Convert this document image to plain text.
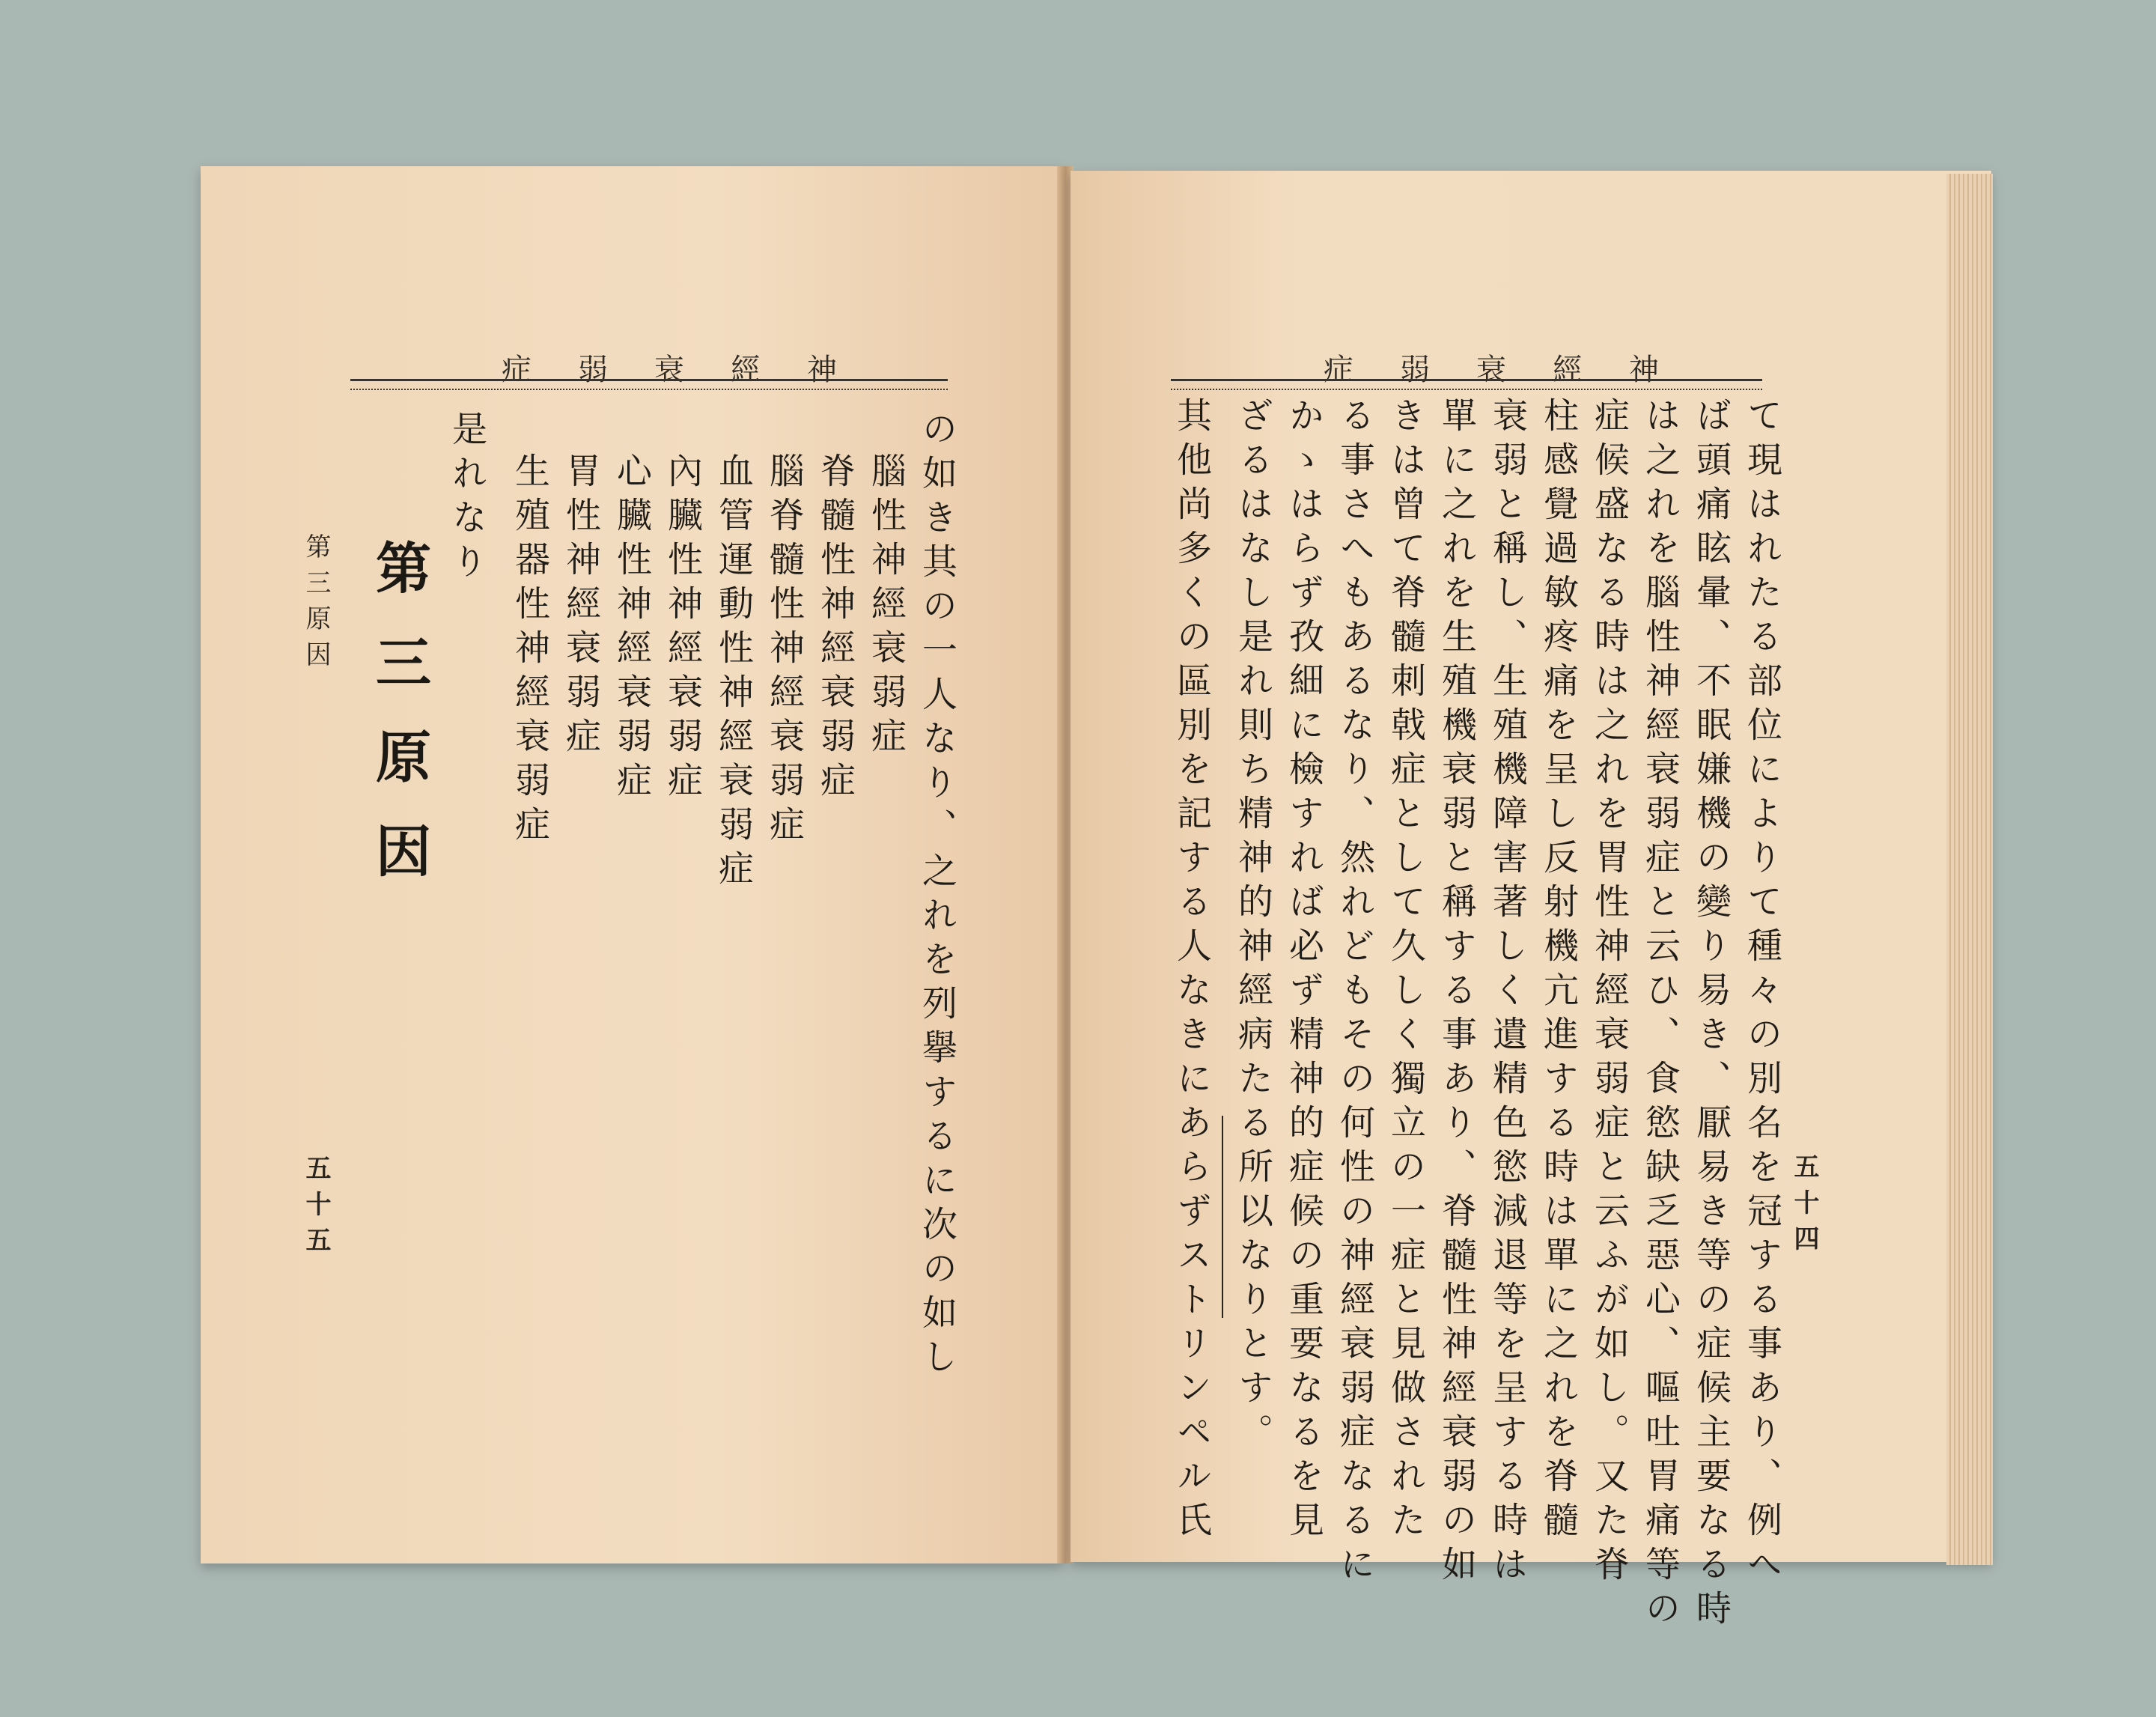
症弱衰經神
の如き其の一人なり、之れを列擧するに次の如し
腦性神經衰弱症
脊髓性神經衰弱症
腦脊髓性神經衰弱症
血管運動性神經衰弱症
內臟性神經衰弱症
心臟性神經衰弱症
胃性神經衰弱症
生殖器性神經衰弱症
是れなり
第三原因
第三原因
五十五
症弱衰經神
五十四
て現はれたる部位によりて種々の別名を冠する事あり、例へ
ば頭痛眩暈、不眠嫌機の變り易き、厭易き等の症候主要なる時
は之れを腦性神經衰弱症と云ひ、食慾缺乏惡心、嘔吐胃痛等の
症候盛なる時は之れを胃性神經衰弱症と云ふが如し。又た脊
柱感覺過敏疼痛を呈し反射機亢進する時は單に之れを脊髓
衰弱と稱し、生殖機障害著しく遺精色慾減退等を呈する時は
單に之れを生殖機衰弱と稱する事あり、脊髓性神經衰弱の如
きは曾て脊髓刺戟症として久しく獨立の一症と見做された
る事さへもあるなり、然れどもその何性の神經衰弱症なるに
かゝはらず孜細に檢すれば必ず精神的症候の重要なるを見
ざるはなし是れ則ち精神的神經病たる所以なりとす。
其他尚多くの區別を記する人なきにあらずストリンペル氏
